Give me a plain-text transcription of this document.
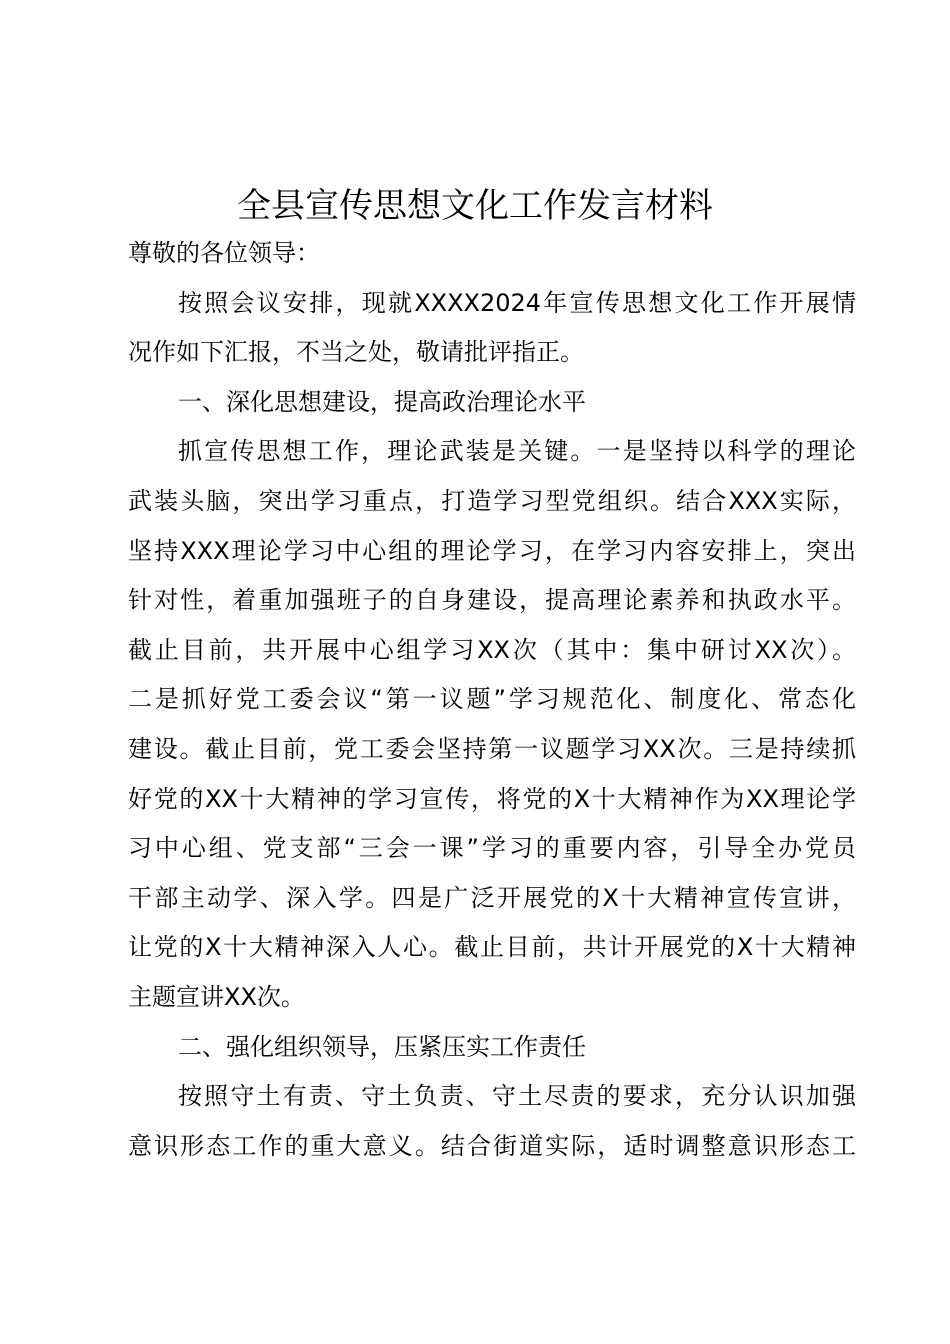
全县宣传思想文化工作发言材料
尊敬的各位领导：
按照会议安排，现就XXXX2024年宣传思想文化工作开展情
况作如下汇报，不当之处，敬请批评指正。
一、深化思想建设，提高政治理论水平
抓宣传思想工作，理论武装是关键。一是坚持以科学的理论
武装头脑，突出学习重点，打造学习型党组织。结合XXX实际，
坚持XXX理论学习中心组的理论学习，在学习内容安排上，突出
针对性，着重加强班子的自身建设，提高理论素养和执政水平。
截止目前，共开展中心组学习XX次（其中：集中研讨XX次）。
二是抓好党工委会议“第一议题”学习规范化、制度化、常态化
建设。截止目前，党工委会坚持第一议题学习XX次。三是持续抓
好党的XX十大精神的学习宣传，将党的X十大精神作为XX理论学
习中心组、党支部“三会一课”学习的重要内容，引导全办党员
干部主动学、深入学。四是广泛开展党的X十大精神宣传宣讲，
让党的X十大精神深入人心。截止目前，共计开展党的X十大精神
主题宣讲XX次。
二、强化组织领导，压紧压实工作责任
按照守土有责、守土负责、守土尽责的要求，充分认识加强
意识形态工作的重大意义。结合街道实际，适时调整意识形态工
